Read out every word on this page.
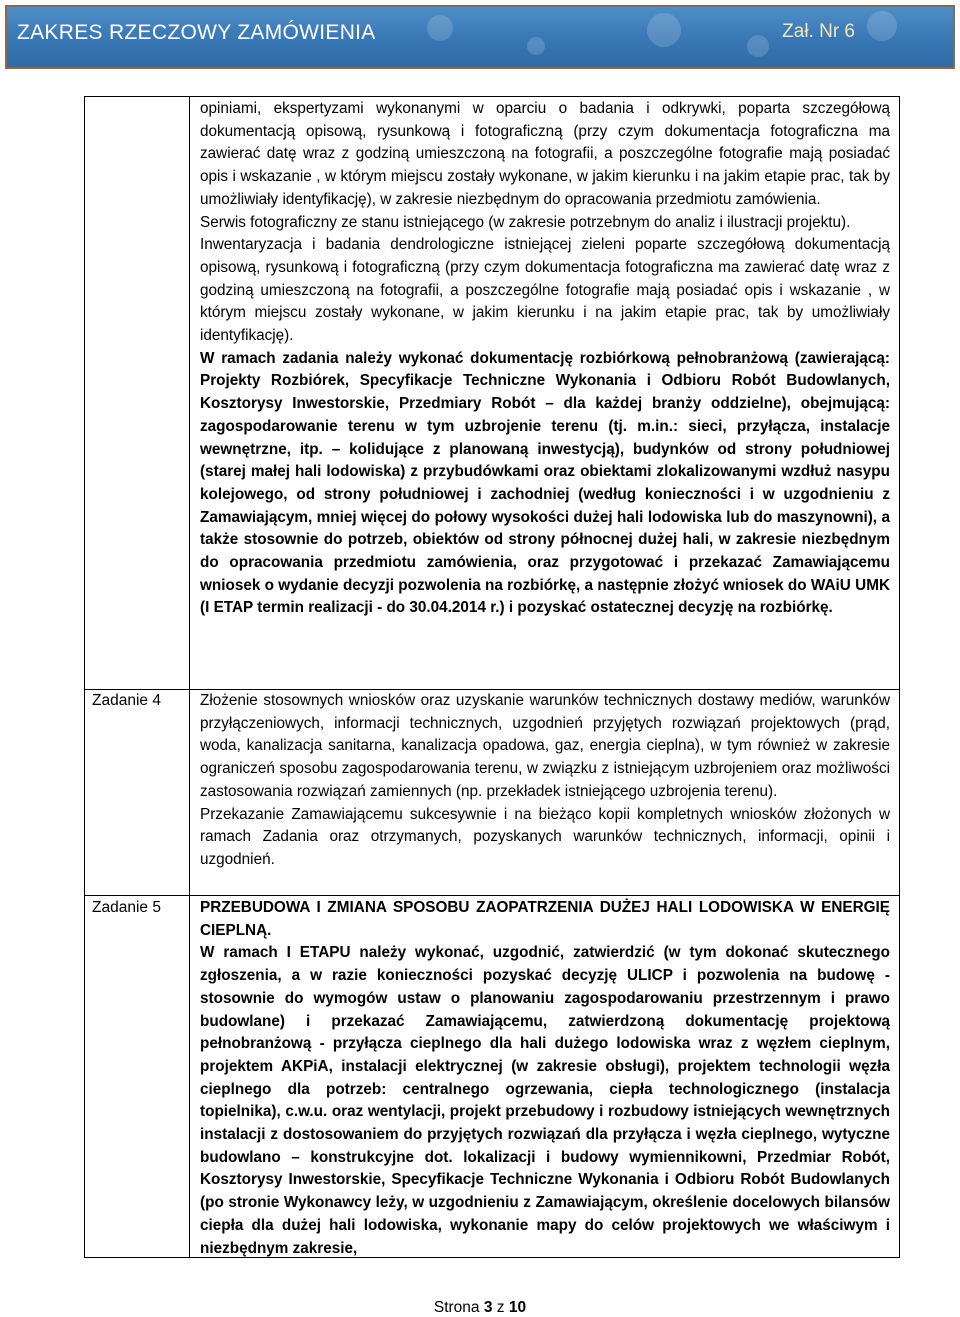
ZAKRES RZECZOWY ZAMÓWIENIA	Zał. Nr 6
Zadanie 4
Zadanie 5

opiniami, ekspertyzami wykonanymi w oparciu o badania i odkrywki, poparta szczegółową dokumentacją opisową, rysunkową i fotograficzną (przy czym dokumentacja fotograficzna ma zawierać datę wraz z godziną umieszczoną na fotografii, a poszczególne fotografie mają posiadać opis i wskazanie , w którym miejscu zostały wykonane, w jakim kierunku i na jakim etapie prac, tak by umożliwiały identyfikację), w zakresie niezbędnym do opracowania przedmiotu zamówienia.

Serwis fotograficzny ze stanu istniejącego (w zakresie potrzebnym do analiz i ilustracji projektu).

Inwentaryzacja i badania dendrologiczne istniejącej zieleni poparte szczegółową dokumentacją opisową, rysunkową i fotograficzną (przy czym dokumentacja fotograficzna ma zawierać datę wraz z godziną umieszczoną na fotografii, a poszczególne fotografie mają posiadać opis i wskazanie , w którym miejscu zostały wykonane, w jakim kierunku i na jakim etapie prac, tak by umożliwiały identyfikację).

W ramach zadania należy wykonać dokumentację rozbiórkową pełnobranżową (zawierającą: Projekty Rozbiórek, Specyfikacje Techniczne Wykonania i Odbioru Robót Budowlanych, Kosztorysy Inwestorskie, Przedmiary Robót – dla każdej branży oddzielne), obejmującą: zagospodarowanie terenu w tym uzbrojenie terenu (tj. m.in.: sieci, przyłącza, instalacje wewnętrzne, itp. – kolidujące z planowaną inwestycją), budynków od strony południowej (starej małej hali lodowiska) z przybudówkami oraz obiektami zlokalizowanymi wzdłuż nasypu kolejowego, od strony południowej i zachodniej (według konieczności i w uzgodnieniu z Zamawiającym, mniej więcej do połowy wysokości dużej hali lodowiska lub do maszynowni), a także stosownie do potrzeb, obiektów od strony północnej dużej hali, w zakresie niezbędnym do opracowania przedmiotu zamówienia, oraz przygotować i przekazać Zamawiającemu wniosek o wydanie decyzji pozwolenia na rozbiórkę, a następnie złożyć wniosek do WAiU UMK (I ETAP termin realizacji - do 30.04.2014 r.) i pozyskać ostatecznej decyzję na rozbiórkę.

Złożenie stosownych wniosków oraz uzyskanie warunków technicznych dostawy mediów, warunków przyłączeniowych, informacji technicznych, uzgodnień przyjętych rozwiązań projektowych (prąd, woda, kanalizacja sanitarna, kanalizacja opadowa, gaz, energia cieplna), w tym również w zakresie ograniczeń sposobu zagospodarowania terenu, w związku z istniejącym uzbrojeniem oraz możliwości zastosowania rozwiązań zamiennych (np. przekładek istniejącego uzbrojenia terenu).

Przekazanie Zamawiającemu sukcesywnie i na bieżąco kopii kompletnych wniosków złożonych w ramach Zadania oraz otrzymanych, pozyskanych warunków technicznych, informacji, opinii i uzgodnień.

PRZEBUDOWA I ZMIANA SPOSOBU ZAOPATRZENIA DUŻEJ HALI LODOWISKA W ENERGIĘ CIEPLNĄ.

W ramach I ETAPU należy wykonać, uzgodnić, zatwierdzić (w tym dokonać skutecznego zgłoszenia, a w razie konieczności pozyskać decyzję ULICP i pozwolenia na budowę - stosownie do wymogów ustaw o planowaniu zagospodarowaniu przestrzennym i prawo budowlane) i przekazać Zamawiającemu, zatwierdzoną dokumentację projektową pełnobranżową - przyłącza cieplnego dla hali dużego lodowiska wraz z węzłem cieplnym, projektem AKPiA, instalacji elektrycznej (w zakresie obsługi), projektem technologii węzła cieplnego dla potrzeb: centralnego ogrzewania, ciepła technologicznego (instalacja topielnika), c.w.u. oraz wentylacji, projekt przebudowy i rozbudowy istniejących wewnętrznych instalacji z dostosowaniem do przyjętych rozwiązań dla przyłącza i węzła cieplnego, wytyczne budowlano – konstrukcyjne dot. lokalizacji i budowy wymiennikowni, Przedmiar Robót, Kosztorysy Inwestorskie, Specyfikacje Techniczne Wykonania i Odbioru Robót Budowlanych (po stronie Wykonawcy leży, w uzgodnieniu z Zamawiającym, określenie docelowych bilansów ciepła dla dużej hali lodowiska, wykonanie mapy do celów projektowych we właściwym i niezbędnym zakresie,

Strona 3 z 10
